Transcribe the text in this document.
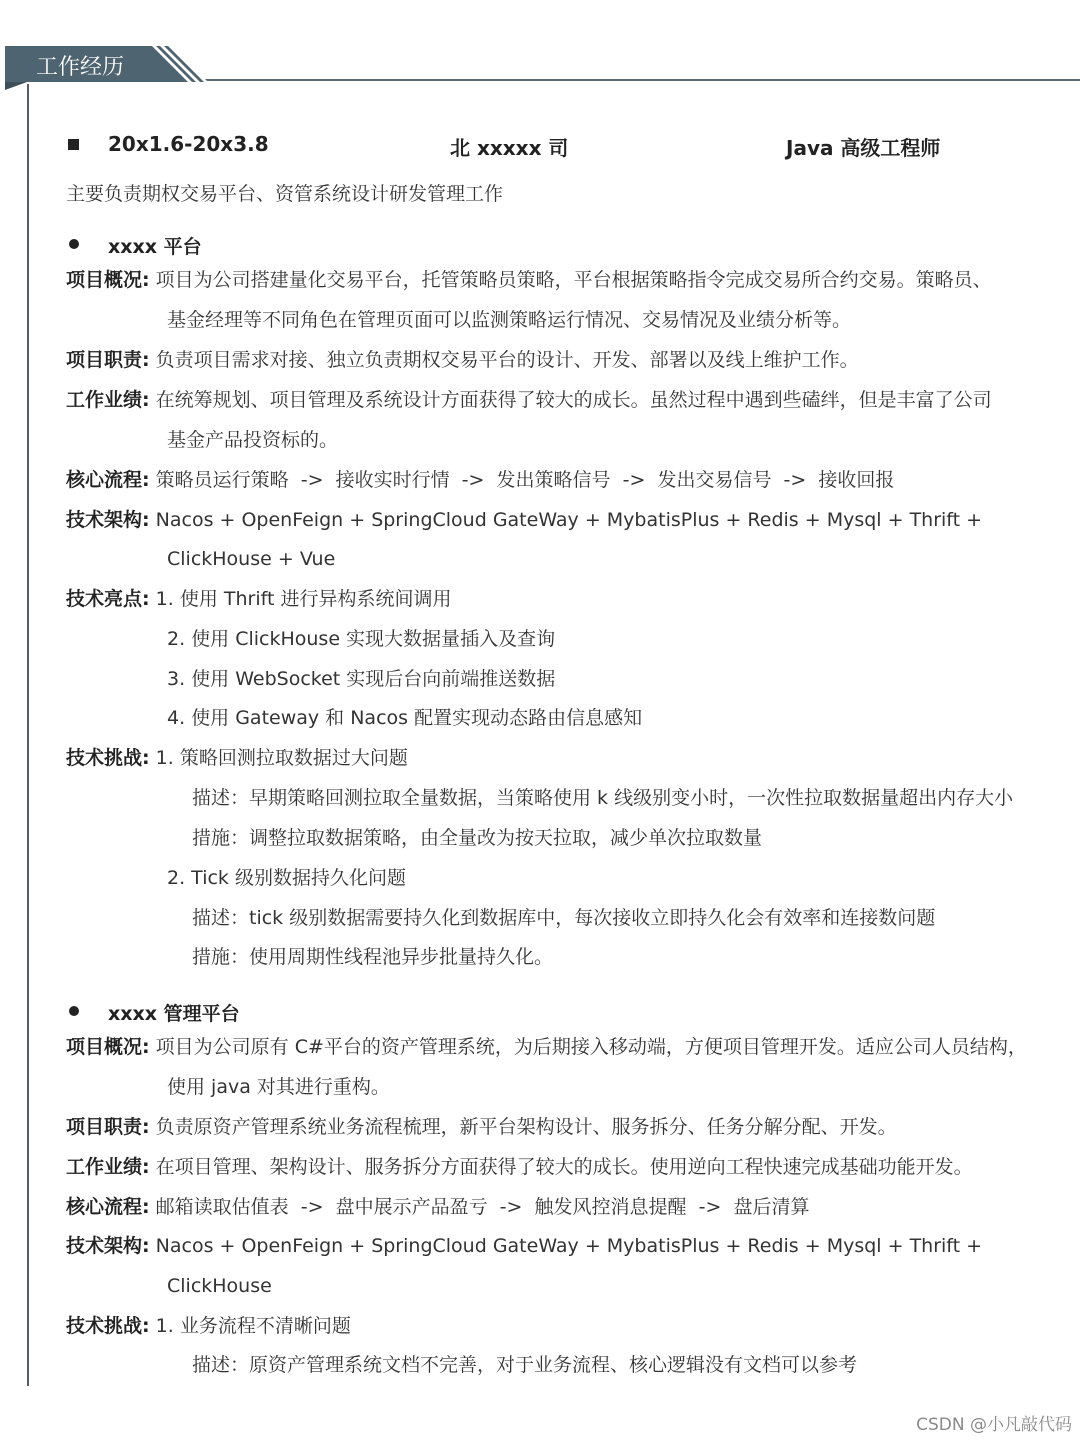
工作经历
20x1.6-20x3.8	北 xxxxx 司	Java 高级工程师
主要负责期权交易平台、资管系统设计研发管理工作
xxxx 平台
项目概况: 项目为公司搭建量化交易平台，托管策略员策略，平台根据策略指令完成交易所合约交易。策略员、
基金经理等不同角色在管理页面可以监测策略运行情况、交易情况及业绩分析等。
项目职责: 负责项目需求对接、独立负责期权交易平台的设计、开发、部署以及线上维护工作。
工作业绩: 在统筹规划、项目管理及系统设计方面获得了较大的成长。虽然过程中遇到些磕绊，但是丰富了公司
基金产品投资标的。
核心流程: 策略员运行策略  ->  接收实时行情  ->  发出策略信号  ->  发出交易信号  ->  接收回报
技术架构: Nacos + OpenFeign + SpringCloud GateWay + MybatisPlus + Redis + Mysql + Thrift +
ClickHouse + Vue
技术亮点: 1. 使用 Thrift 进行异构系统间调用
2. 使用 ClickHouse 实现大数据量插入及查询
3. 使用 WebSocket 实现后台向前端推送数据
4. 使用 Gateway 和 Nacos 配置实现动态路由信息感知
技术挑战: 1. 策略回测拉取数据过大问题
描述：早期策略回测拉取全量数据，当策略使用 k 线级别变小时，一次性拉取数据量超出内存大小
措施：调整拉取数据策略，由全量改为按天拉取，减少单次拉取数量
2. Tick 级别数据持久化问题
描述：tick 级别数据需要持久化到数据库中，每次接收立即持久化会有效率和连接数问题
措施：使用周期性线程池异步批量持久化。
xxxx 管理平台
项目概况: 项目为公司原有 C#平台的资产管理系统，为后期接入移动端，方便项目管理开发。适应公司人员结构，
使用 java 对其进行重构。
项目职责: 负责原资产管理系统业务流程梳理，新平台架构设计、服务拆分、任务分解分配、开发。
工作业绩: 在项目管理、架构设计、服务拆分方面获得了较大的成长。使用逆向工程快速完成基础功能开发。
核心流程: 邮箱读取估值表  ->  盘中展示产品盈亏  ->  触发风控消息提醒  ->  盘后清算
技术架构: Nacos + OpenFeign + SpringCloud GateWay + MybatisPlus + Redis + Mysql + Thrift +
ClickHouse
技术挑战: 1. 业务流程不清晰问题
描述：原资产管理系统文档不完善，对于业务流程、核心逻辑没有文档可以参考
CSDN @小凡敲代码
